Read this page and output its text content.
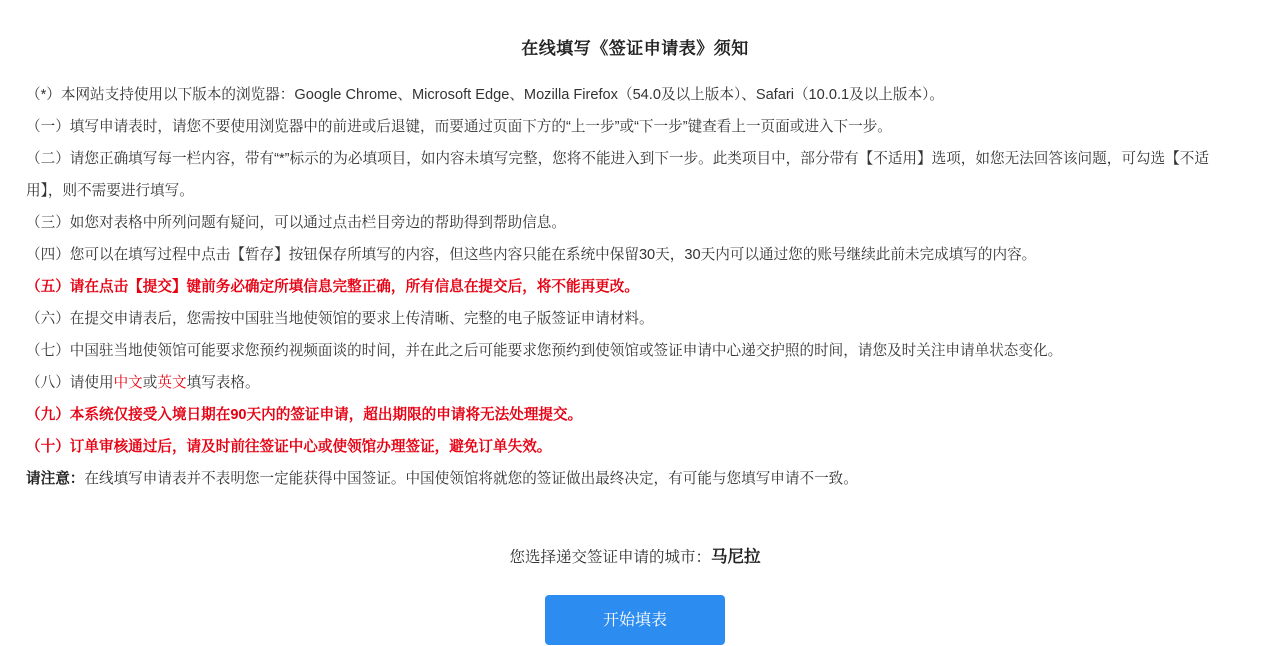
在线填写《签证申请表》须知
（*）本网站支持使用以下版本的浏览器：Google Chrome、Microsoft Edge、Mozilla Firefox（54.0及以上版本）、Safari（10.0.1及以上版本）。
（一）填写申请表时，请您不要使用浏览器中的前进或后退键，而要通过页面下方的“上一步”或“下一步”键查看上一页面或进入下一步。
（二）请您正确填写每一栏内容，带有“*”标示的为必填项目，如内容未填写完整，您将不能进入到下一步。此类项目中，部分带有【不适用】选项，如您无法回答该问题，可勾选【不适用】，则不需要进行填写。
（三）如您对表格中所列问题有疑问，可以通过点击栏目旁边的帮助得到帮助信息。
（四）您可以在填写过程中点击【暂存】按钮保存所填写的内容，但这些内容只能在系统中保留30天，30天内可以通过您的账号继续此前未完成填写的内容。
（五）请在点击【提交】键前务必确定所填信息完整正确，所有信息在提交后，将不能再更改。
（六）在提交申请表后，您需按中国驻当地使领馆的要求上传清晰、完整的电子版签证申请材料。
（七）中国驻当地使领馆可能要求您预约视频面谈的时间，并在此之后可能要求您预约到使领馆或签证申请中心递交护照的时间，请您及时关注申请单状态变化。
（八）请使用中文或英文填写表格。
（九）本系统仅接受入境日期在90天内的签证申请，超出期限的申请将无法处理提交。
（十）订单审核通过后，请及时前往签证中心或使领馆办理签证，避免订单失效。
请注意：在线填写申请表并不表明您一定能获得中国签证。中国使领馆将就您的签证做出最终决定，有可能与您填写申请不一致。
您选择递交签证申请的城市：马尼拉
开始填表
